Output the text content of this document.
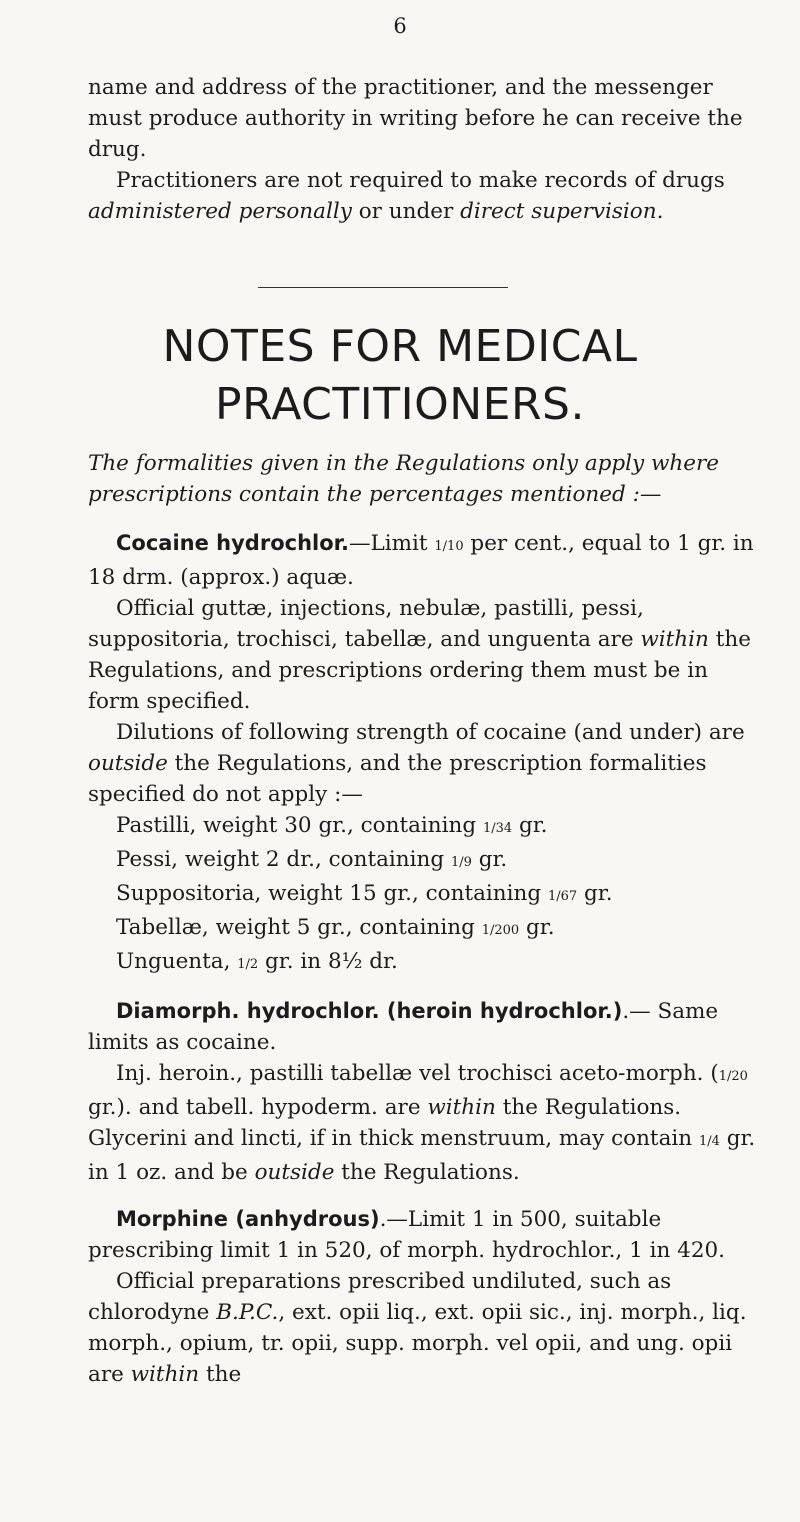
6

name and address of the practitioner, and the messenger must produce authority in writing before he can receive the drug.

Practitioners are not required to make records of drugs administered personally or under direct supervision.

NOTES FOR MEDICAL
PRACTITIONERS.

The formalities given in the Regulations only apply where prescriptions contain the percentages mentioned :—

Cocaine hydrochlor.—Limit 1/10 per cent., equal to 1 gr. in 18 drm. (approx.) aquæ.

Official guttæ, injections, nebulæ, pastilli, pessi, suppositoria, trochisci, tabellæ, and unguenta are within the Regulations, and prescriptions ordering them must be in form specified.

Dilutions of following strength of cocaine (and under) are outside the Regulations, and the prescription formalities specified do not apply :—

Pastilli, weight 30 gr., containing 1/34 gr.

Pessi, weight 2 dr., containing 1/9 gr.

Suppositoria, weight 15 gr., containing 1/67 gr.

Tabellæ, weight 5 gr., containing 1/200 gr.

Unguenta, 1/2 gr. in 8½ dr.

Diamorph. hydrochlor. (heroin hydrochlor.).— Same limits as cocaine.

Inj. heroin., pastilli tabellæ vel trochisci aceto-morph. (1/20 gr.). and tabell. hypoderm. are within the Regulations. Glycerini and lincti, if in thick menstruum, may contain 1/4 gr. in 1 oz. and be outside the Regulations.

Morphine (anhydrous).—Limit 1 in 500, suitable prescribing limit 1 in 520, of morph. hydrochlor., 1 in 420.

Official preparations prescribed undiluted, such as chlorodyne B.P.C., ext. opii liq., ext. opii sic., inj. morph., liq. morph., opium, tr. opii, supp. morph. vel opii, and ung. opii are within the
